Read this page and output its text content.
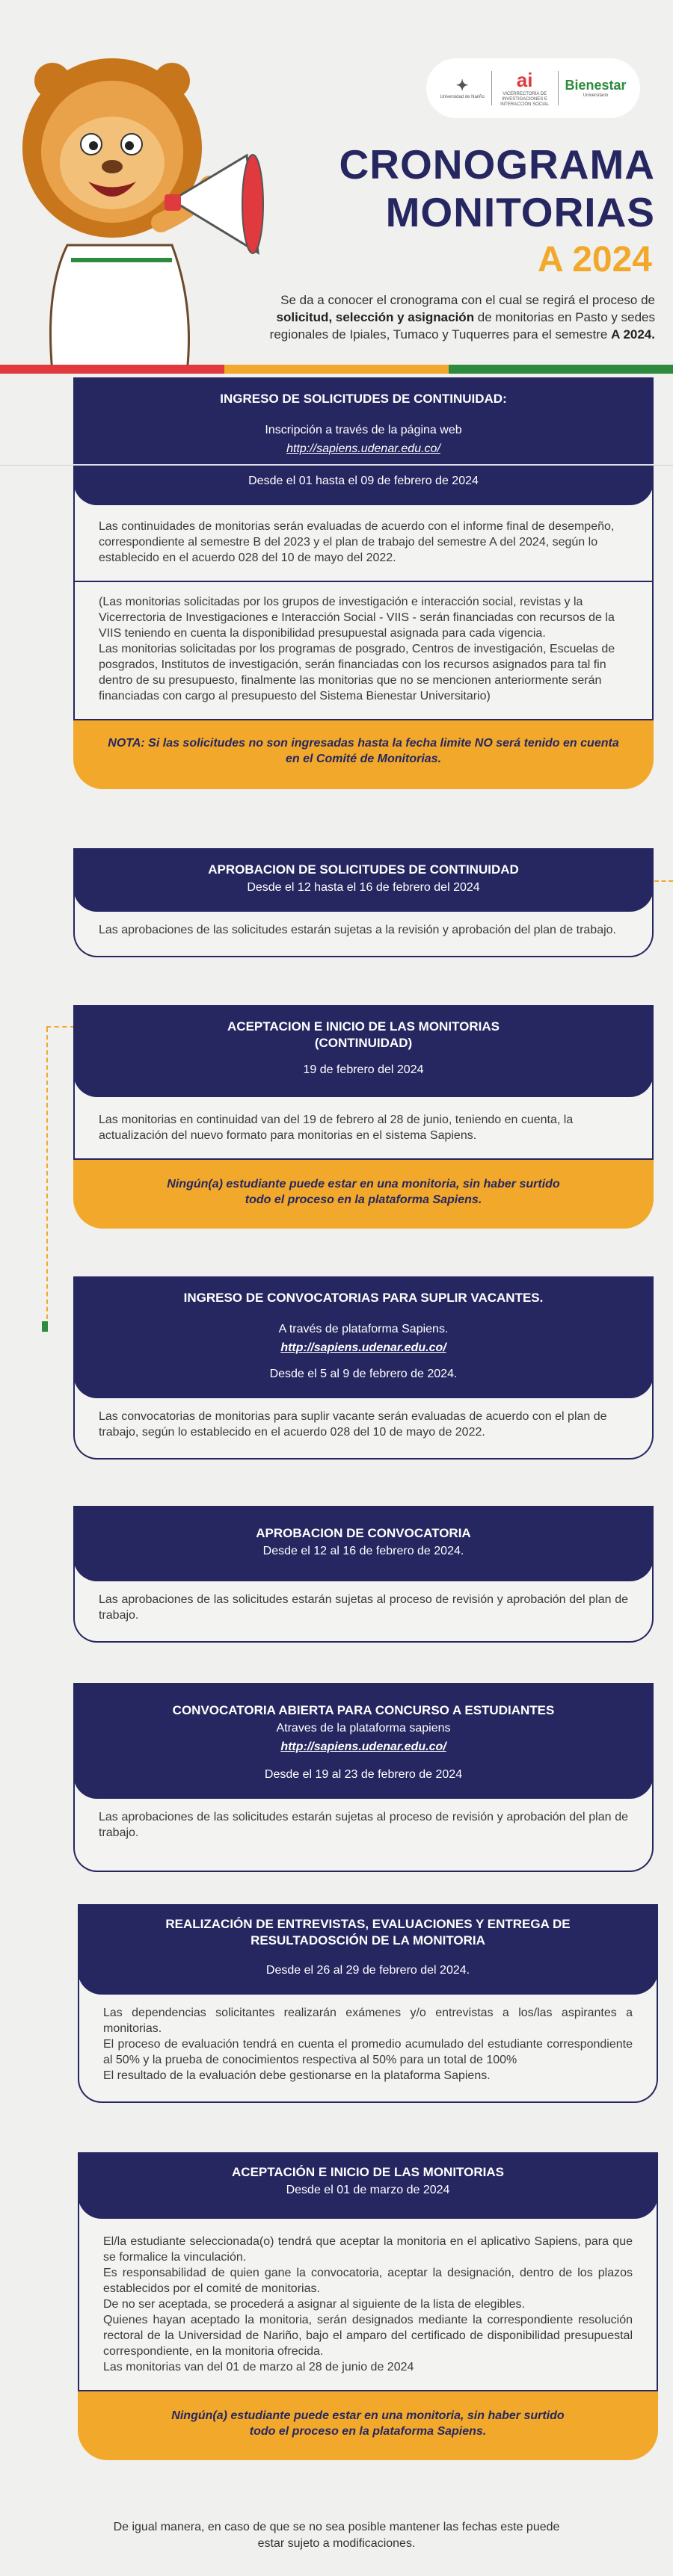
✦
Universidad de Nariño
ai
VICERRECTORÍA DE INVESTIGACIONES E INTERACCIÓN SOCIAL
Bienestar
Universitario
CRONOGRAMA
MONITORIAS
A 2024
Se da a conocer el cronograma con el cual se regirá el proceso de solicitud, selección y asignación de monitorias en Pasto y sedes regionales de Ipiales, Tumaco y Tuquerres para el semestre A 2024.
INGRESO DE SOLICITUDES DE CONTINUIDAD:
Inscripción a través de la página web
http://sapiens.udenar.edu.co/
Desde el 01 hasta el 09 de febrero de 2024

Las continuidades de monitorias serán evaluadas de acuerdo con el informe final de desempeño, correspondiente al semestre B del 2023 y el plan de trabajo del semestre A del 2024, según lo establecido en el acuerdo 028 del 10 de mayo del 2022.

(Las monitorias solicitadas por los grupos de investigación e interacción social, revistas y la Vicerrectoria de Investigaciones e Interacción Social - VIIS - serán financiadas con recursos de la VIIS teniendo en cuenta la disponibilidad presupuestal asignada para cada vigencia.

Las monitorias solicitadas por los programas de posgrado, Centros de investigación, Escuelas de posgrados, Institutos de investigación, serán financiadas con los recursos asignados para tal fin dentro de su presupuesto, finalmente las monitorias que no se mencionen anteriormente serán financiadas con cargo al presupuesto del Sistema Bienestar Universitario)

NOTA: Si las solicitudes no son ingresadas hasta la fecha limite NO será tenido en cuenta en el Comité de Monitorias.
APROBACION DE SOLICITUDES DE CONTINUIDAD
Desde el 12 hasta el 16 de febrero del 2024

Las aprobaciones de las solicitudes estarán sujetas a la revisión y aprobación del plan de trabajo.

ACEPTACION E INICIO DE LAS MONITORIAS (CONTINUIDAD)
19 de febrero del 2024

Las monitorias en continuidad van del 19 de febrero al 28 de junio, teniendo en cuenta, la actualización del nuevo formato para monitorias en el sistema Sapiens.

Ningún(a) estudiante puede estar en una monitoria, sin haber surtido todo el proceso en la plataforma Sapiens.
INGRESO DE CONVOCATORIAS PARA SUPLIR VACANTES.
A través de plataforma Sapiens.
http://sapiens.udenar.edu.co/
Desde el 5 al 9 de febrero de 2024.

Las convocatorias de monitorias para suplir vacante serán evaluadas de acuerdo con el plan de trabajo, según lo establecido en el acuerdo 028 del 10 de mayo de 2022.

APROBACION DE CONVOCATORIA
Desde el 12 al 16 de febrero de 2024.

Las aprobaciones de las solicitudes estarán sujetas al proceso de revisión y aprobación del plan de trabajo.

CONVOCATORIA ABIERTA PARA CONCURSO A ESTUDIANTES
Atraves de la plataforma sapiens
http://sapiens.udenar.edu.co/
Desde el 19 al 23 de febrero de 2024

Las aprobaciones de las solicitudes estarán sujetas al proceso de revisión y aprobación del plan de trabajo.

REALIZACIÓN DE ENTREVISTAS, EVALUACIONES Y ENTREGA DE RESULTADOSCIÓN DE LA MONITORIA
Desde el 26 al 29 de febrero del 2024.

Las dependencias solicitantes realizarán exámenes y/o entrevistas a los/las aspirantes a monitorias.

El proceso de evaluación tendrá en cuenta el promedio acumulado del estudiante correspondiente al 50% y la prueba de conocimientos respectiva al 50% para un total de 100%

El resultado de la evaluación debe gestionarse en la plataforma Sapiens.

ACEPTACIÓN E INICIO DE LAS MONITORIAS
Desde el 01 de marzo de 2024

El/la estudiante seleccionada(o) tendrá que aceptar la monitoria en el aplicativo Sapiens, para que se formalice la vinculación.

Es responsabilidad de quien gane la convocatoria, aceptar la designación, dentro de los plazos establecidos por el comité de monitorias.

De no ser aceptada, se procederá a asignar al siguiente de la lista de elegibles.

Quienes hayan aceptado la monitoria, serán designados mediante la correspondiente resolución rectoral de la Universidad de Nariño, bajo el amparo del certificado de disponibilidad presupuestal correspondiente, en la monitoria ofrecida.

Las monitorias van del 01 de marzo al 28 de junio de 2024

Ningún(a) estudiante puede estar en una monitoria, sin haber surtido todo el proceso en la plataforma Sapiens.
De igual manera, en caso de que se no sea posible mantener las fechas este puede estar sujeto a modificaciones.
